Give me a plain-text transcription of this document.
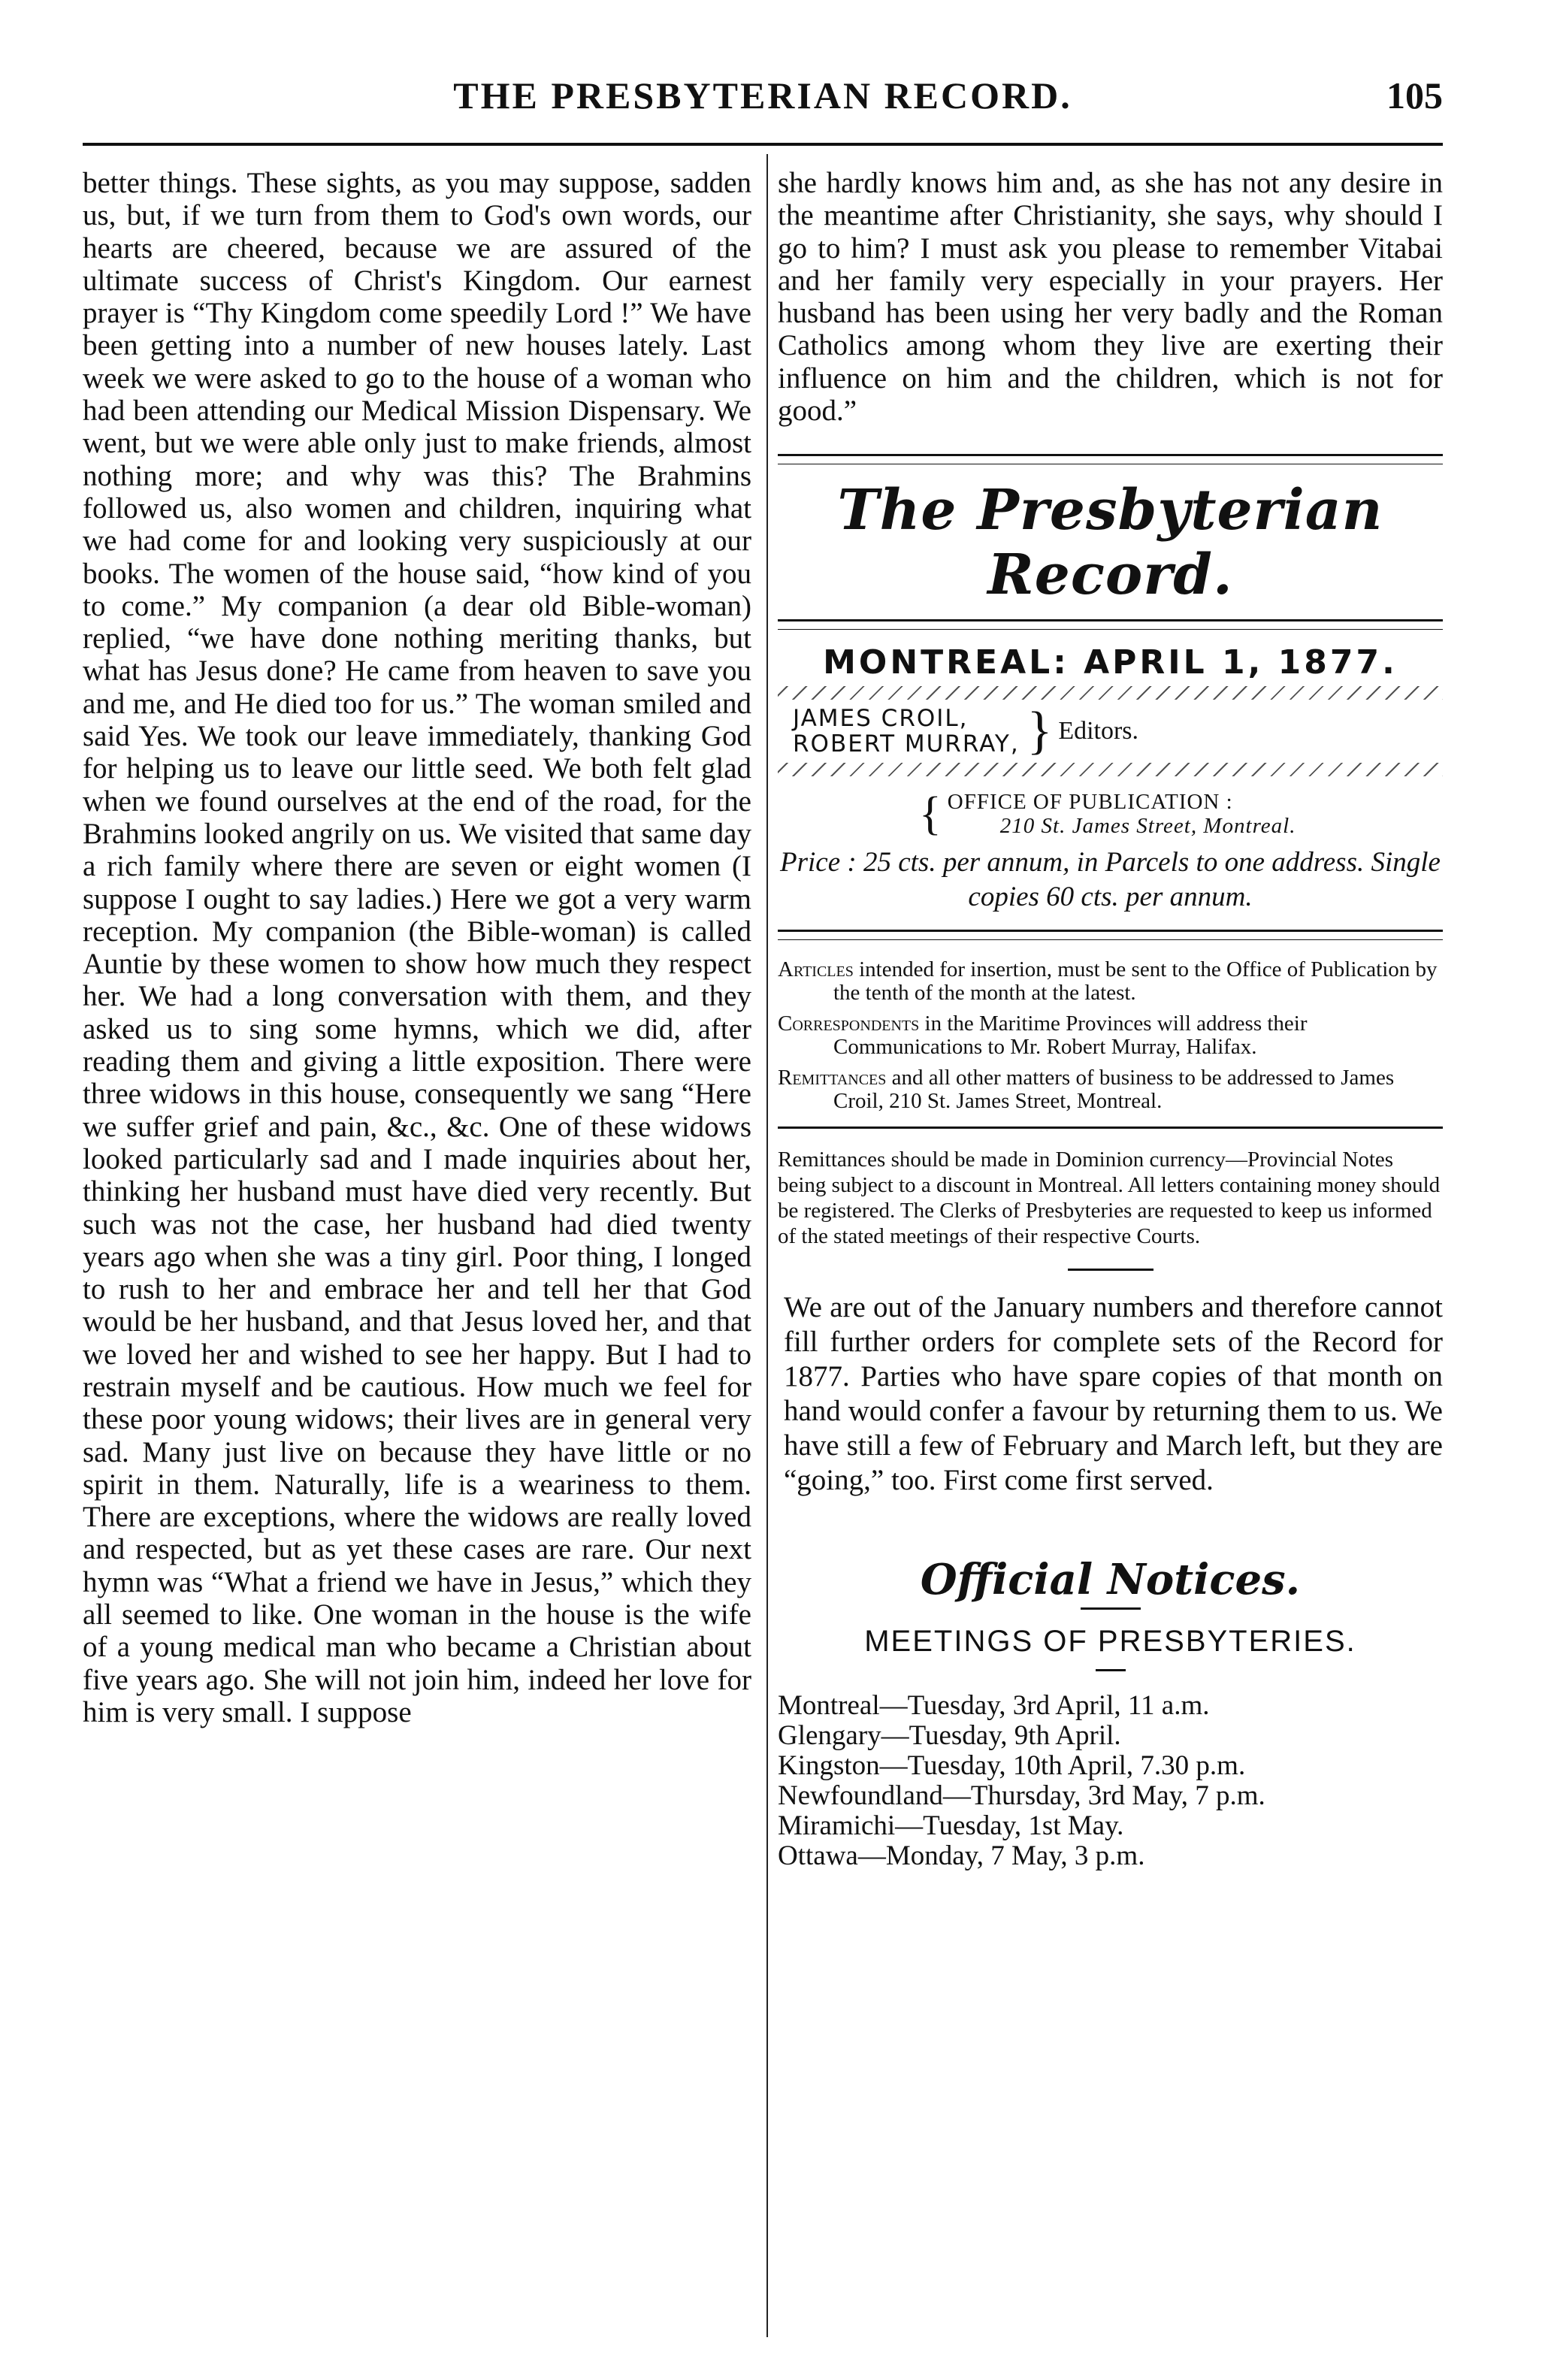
THE PRESBYTERIAN RECORD.	105

better things. These sights, as you may suppose, sadden us, but, if we turn from them to God's own words, our hearts are cheered, because we are assured of the ultimate success of Christ's Kingdom. Our earnest prayer is “Thy Kingdom come speedily Lord !” We have been getting into a number of new houses lately. Last week we were asked to go to the house of a woman who had been attending our Medical Mission Dispensary. We went, but we were able only just to make friends, almost nothing more; and why was this? The Brahmins followed us, also women and children, inquiring what we had come for and looking very suspiciously at our books. The women of the house said, “how kind of you to come.” My companion (a dear old Bible-woman) replied, “we have done nothing meriting thanks, but what has Jesus done? He came from heaven to save you and me, and He died too for us.” The woman smiled and said Yes. We took our leave immediately, thanking God for helping us to leave our little seed. We both felt glad when we found ourselves at the end of the road, for the Brahmins looked angrily on us. We visited that same day a rich family where there are seven or eight women (I suppose I ought to say ladies.) Here we got a very warm reception. My companion (the Bible-woman) is called Auntie by these women to show how much they respect her. We had a long conversation with them, and they asked us to sing some hymns, which we did, after reading them and giving a little exposition. There were three widows in this house, consequently we sang “Here we suffer grief and pain, &c., &c. One of these widows looked particularly sad and I made inquiries about her, thinking her husband must have died very recently. But such was not the case, her husband had died twenty years ago when she was a tiny girl. Poor thing, I longed to rush to her and embrace her and tell her that God would be her husband, and that Jesus loved her, and that we loved her and wished to see her happy. But I had to restrain myself and be cautious. How much we feel for these poor young widows; their lives are in general very sad. Many just live on because they have little or no spirit in them. Naturally, life is a weariness to them. There are exceptions, where the widows are really loved and respected, but as yet these cases are rare. Our next hymn was “What a friend we have in Jesus,” which they all seemed to like. One woman in the house is the wife of a young medical man who became a Christian about five years ago. She will not join him, indeed her love for him is very small. I suppose

she hardly knows him and, as she has not any desire in the meantime after Christianity, she says, why should I go to him? I must ask you please to remember Vitabai and her family very especially in your prayers. Her husband has been using her very badly and the Roman Catholics among whom they live are exerting their influence on him and the children, which is not for good.”

The Presbyterian Record.
MONTREAL: APRIL 1, 1877.
JAMES CROIL,
ROBERT MURRAY, } Editors.
{ OFFICE OF PUBLICATION :
210 St. James Street, Montreal.
Price : 25 cts. per annum, in Parcels to one address. Single copies 60 cts. per annum.
Articles intended for insertion, must be sent to the Office of Publication by the tenth of the month at the latest.
Correspondents in the Maritime Provinces will address their Communications to Mr. Robert Murray, Halifax.
Remittances and all other matters of business to be addressed to James Croil, 210 St. James Street, Montreal.
Remittances should be made in Dominion currency—Provincial Notes being subject to a discount in Montreal. All letters containing money should be registered. The Clerks of Presbyteries are requested to keep us informed of the stated meetings of their respective Courts.
We are out of the January numbers and therefore cannot fill further orders for complete sets of the Record for 1877. Parties who have spare copies of that month on hand would confer a favour by returning them to us. We have still a few of February and March left, but they are “going,” too. First come first served.
Official Notices.
MEETINGS OF PRESBYTERIES.
Montreal—Tuesday, 3rd April, 11 a.m.
Glengary—Tuesday, 9th April.
Kingston—Tuesday, 10th April, 7.30 p.m.
Newfoundland—Thursday, 3rd May, 7 p.m.
Miramichi—Tuesday, 1st May.
Ottawa—Monday, 7 May, 3 p.m.
